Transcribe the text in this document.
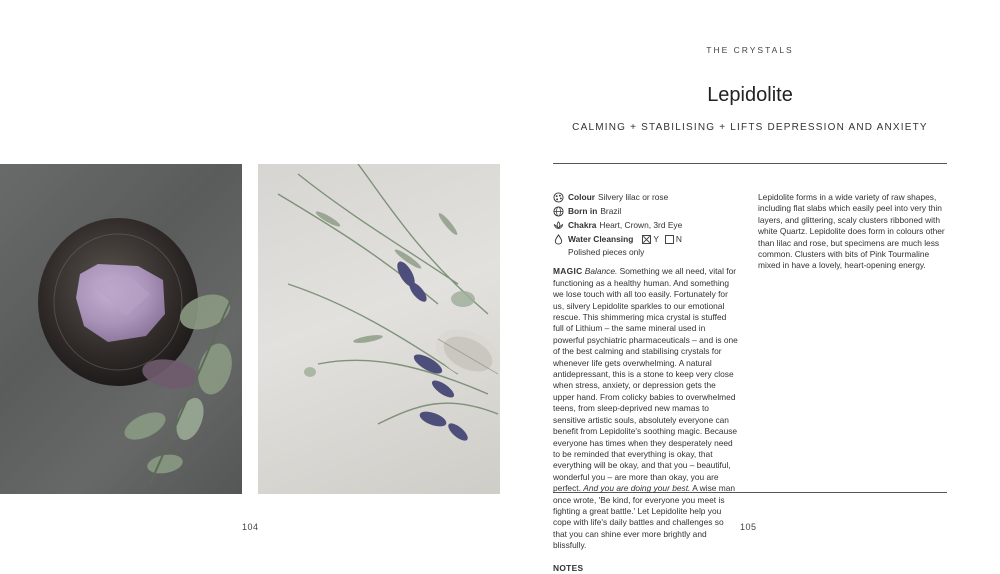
104	105
THE CRYSTALS
Lepidolite
CALMING + STABILISING + LIFTS DEPRESSION AND ANXIETY
Colour Silvery lilac or rose
Born in Brazil
Chakra Heart, Crown, 3rd Eye
Water Cleansing Y N
Polished pieces only

MAGIC Balance. Something we all need, vital for functioning as a healthy human. And something we lose touch with all too easily. Fortunately for us, silvery Lepidolite sparkles to our emotional rescue. This shimmering mica crystal is stuffed full of Lithium – the same mineral used in powerful psychiatric pharmaceuticals – and is one of the best calming and stabilising crystals for whenever life gets overwhelming. A natural antidepressant, this is a stone to keep very close when stress, anxiety, or depression gets the upper hand. From colicky babies to overwhelmed teens, from sleep-deprived new mamas to sensitive artistic souls, absolutely everyone can benefit from Lepidolite's soothing magic. Because everyone has times when they desperately need to be reminded that everything is okay, that everything will be okay, and that you – beautiful, wonderful you – are more than okay, you are perfect. And you are doing your best. A wise man once wrote, 'Be kind, for everyone you meet is fighting a great battle.' Let Lepidolite help you cope with life's daily battles and challenges so that you can shine ever more brightly and blissfully.

NOTES

Lepidolite forms in a wide variety of raw shapes, including flat slabs which easily peel into very thin layers, and glittering, scaly clusters ribboned with white Quartz. Lepidolite does form in colours other than lilac and rose, but specimens are much less common. Clusters with bits of Pink Tourmaline mixed in have a lovely, heart-opening energy.
